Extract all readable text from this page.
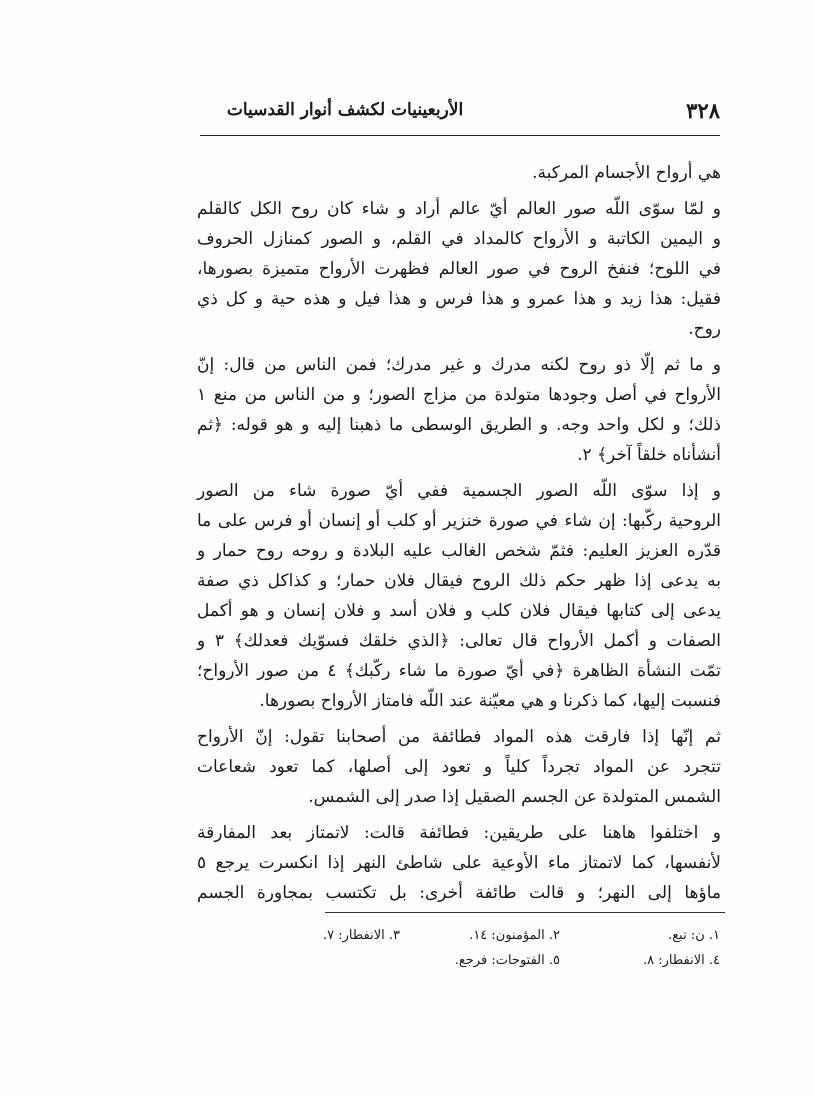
٣٢٨
الأربعينيات لكشف أنوار القدسيات
هي أرواح الأجسام المركبة.
و لمّا سوّى اللّه صور العالم أيّ عالم أراد و شاء كان روح الكل كالقلم
و اليمين الكاتبة و الأرواح كالمداد في القلم، و الصور كمنازل الحروف
في اللوح؛ فنفخ الروح في صور العالم فظهرت الأرواح متميزة بصورها،
فقيل: هذا زيد و هذا عمرو و هذا فرس و هذا فيل و هذه حية و كل ذي
روح.
و ما ثم إلّا ذو روح لكنه مدرك و غير مدرك؛ فمن الناس من قال: إنّ
الأرواح في أصل وجودها متولدة من مزاج الصور؛ و من الناس من منع ١
ذلك؛ و لكل واحد وجه. و الطريق الوسطى ما ذهبنا إليه و هو قوله: ﴿ثم
أنشأناه خلقاً آخر﴾ ٢.
و إذا سوّى اللّه الصور الجسمية ففي أيّ صورة شاء من الصور
الروحية ركّبها: إن شاء في صورة خنزير أو كلب أو إنسان أو فرس على ما
قدّره العزيز العليم: فثمّ شخص الغالب عليه البلادة و روحه روح حمار و
به يدعى إذا ظهر حكم ذلك الروح فيقال فلان حمار؛ و كذاكل ذي صفة
يدعى إلى كتابها فيقال فلان كلب و فلان أسد و فلان إنسان و هو أكمل
الصفات و أكمل الأرواح قال تعالى: ﴿الذي خلقك فسوّيك فعدلك﴾ ٣ و
تمّت النشأة الظاهرة ﴿في أيّ صورة ما شاء ركّبك﴾ ٤ من صور الأرواح؛
فنسبت إليها، كما ذكرنا و هي معيّنة عند اللّه فامتاز الأرواح بصورها.
ثم إنّها إذا فارقت هذه المواد فطائفة من أصحابنا تقول: إنّ الأرواح
تتجرد عن المواد تجرداً كلياً و تعود إلى أصلها، كما تعود شعاعات
الشمس المتولدة عن الجسم الصقيل إذا صدر إلى الشمس.
و اختلفوا هاهنا على طريقين: فطائفة قالت: لاتمتاز بعد المفارقة
لأنفسها، كما لاتمتاز ماء الأوعية على شاطئ النهر إذا انكسرت يرجع ٥
ماؤها إلى النهر؛ و قالت طائفة أخرى: بل تكتسب بمجاورة الجسم
١. ن: تبع.
٢. المؤمنون: ١٤.
٣. الانفطار: ٧.
٤. الانفطار: ٨.
٥. الفتوحات: فرجع.
